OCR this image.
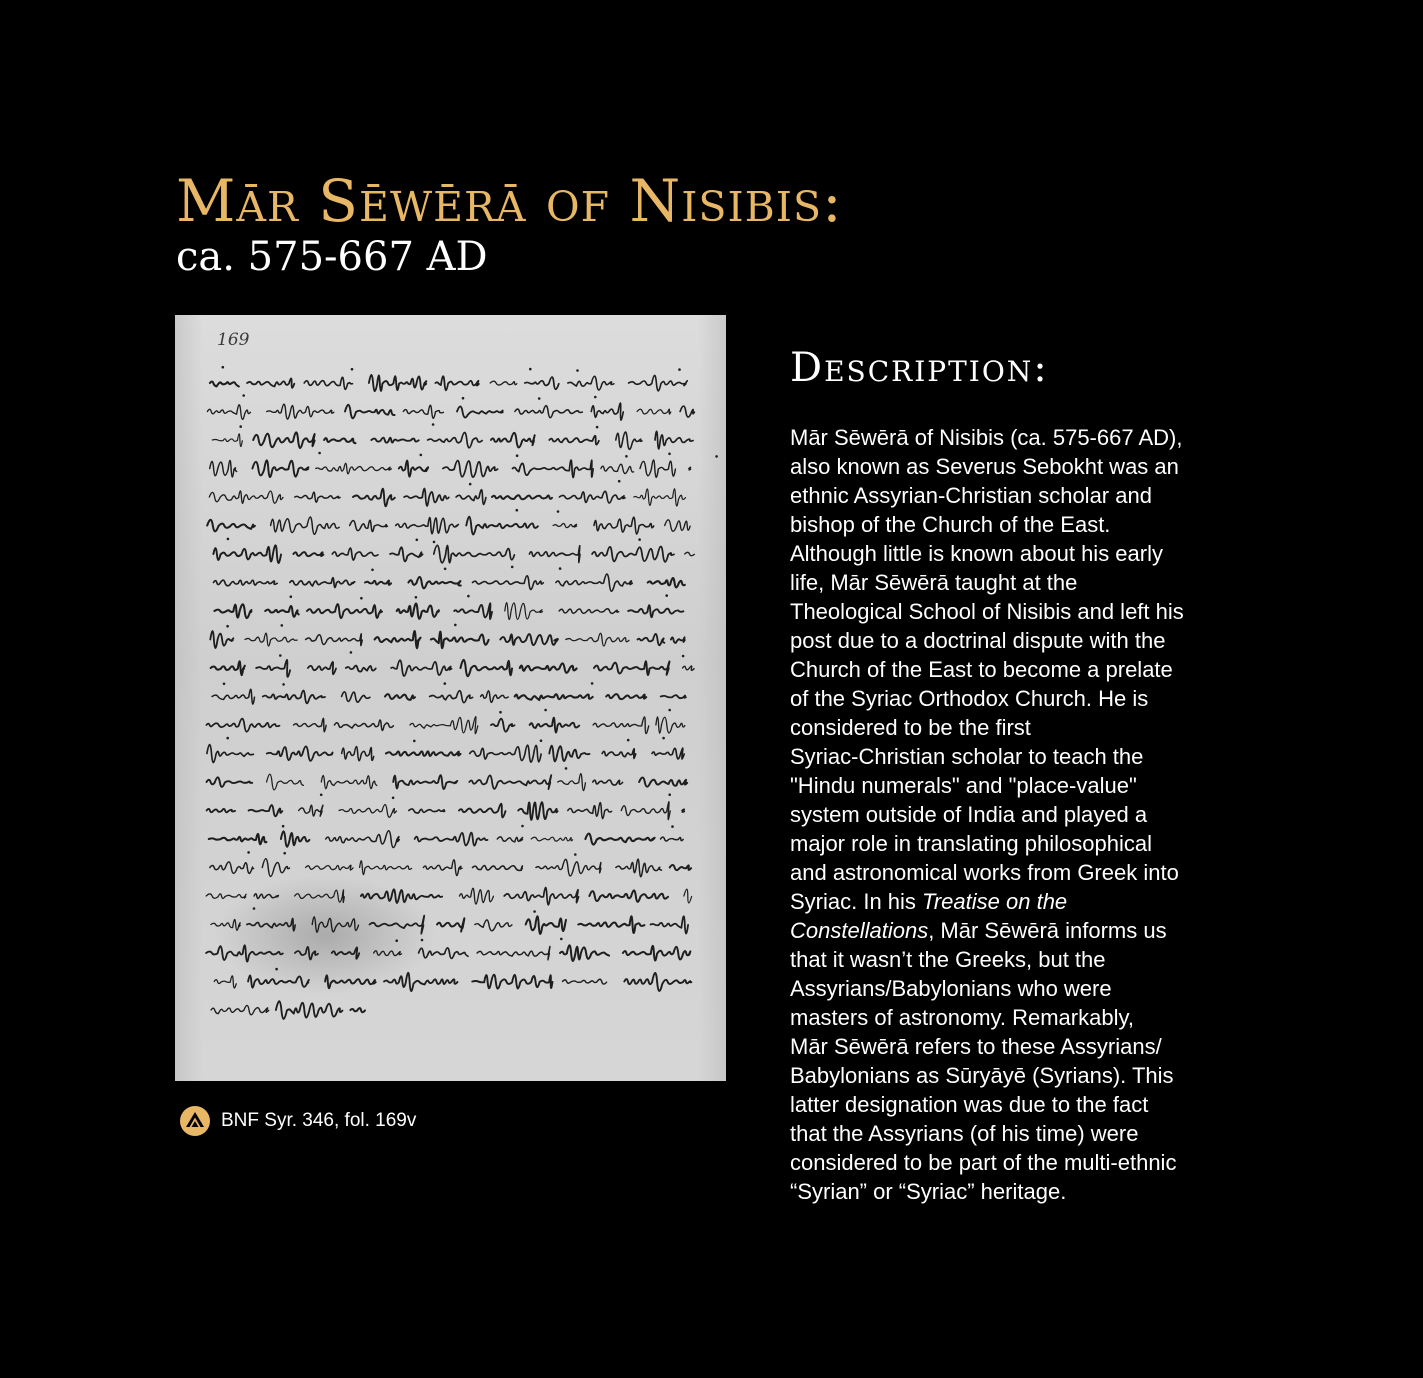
Mār Sēwērā of Nisibis:
ca. 575-667 AD
169
BNF Syr. 346, fol. 169v
Description:
Mār Sēwērā of Nisibis (ca. 575-667 AD),
also known as Severus Sebokht was an
ethnic Assyrian-Christian scholar and
bishop of the Church of the East.
Although little is known about his early
life, Mār Sēwērā taught at the
Theological School of Nisibis and left his
post due to a doctrinal dispute with the
Church of the East to become a prelate
of the Syriac Orthodox Church. He is
considered to be the first
Syriac-Christian scholar to teach the
"Hindu numerals" and "place-value"
system outside of India and played a
major role in translating philosophical
and astronomical works from Greek into
Syriac. In his Treatise on the
Constellations, Mār Sēwērā informs us
that it wasn’t the Greeks, but the
Assyrians/Babylonians who were
masters of astronomy. Remarkably,
Mār Sēwērā refers to these Assyrians/
Babylonians as Sūryāyē (Syrians). This
latter designation was due to the fact
that the Assyrians (of his time) were
considered to be part of the multi-ethnic
“Syrian” or “Syriac” heritage.
